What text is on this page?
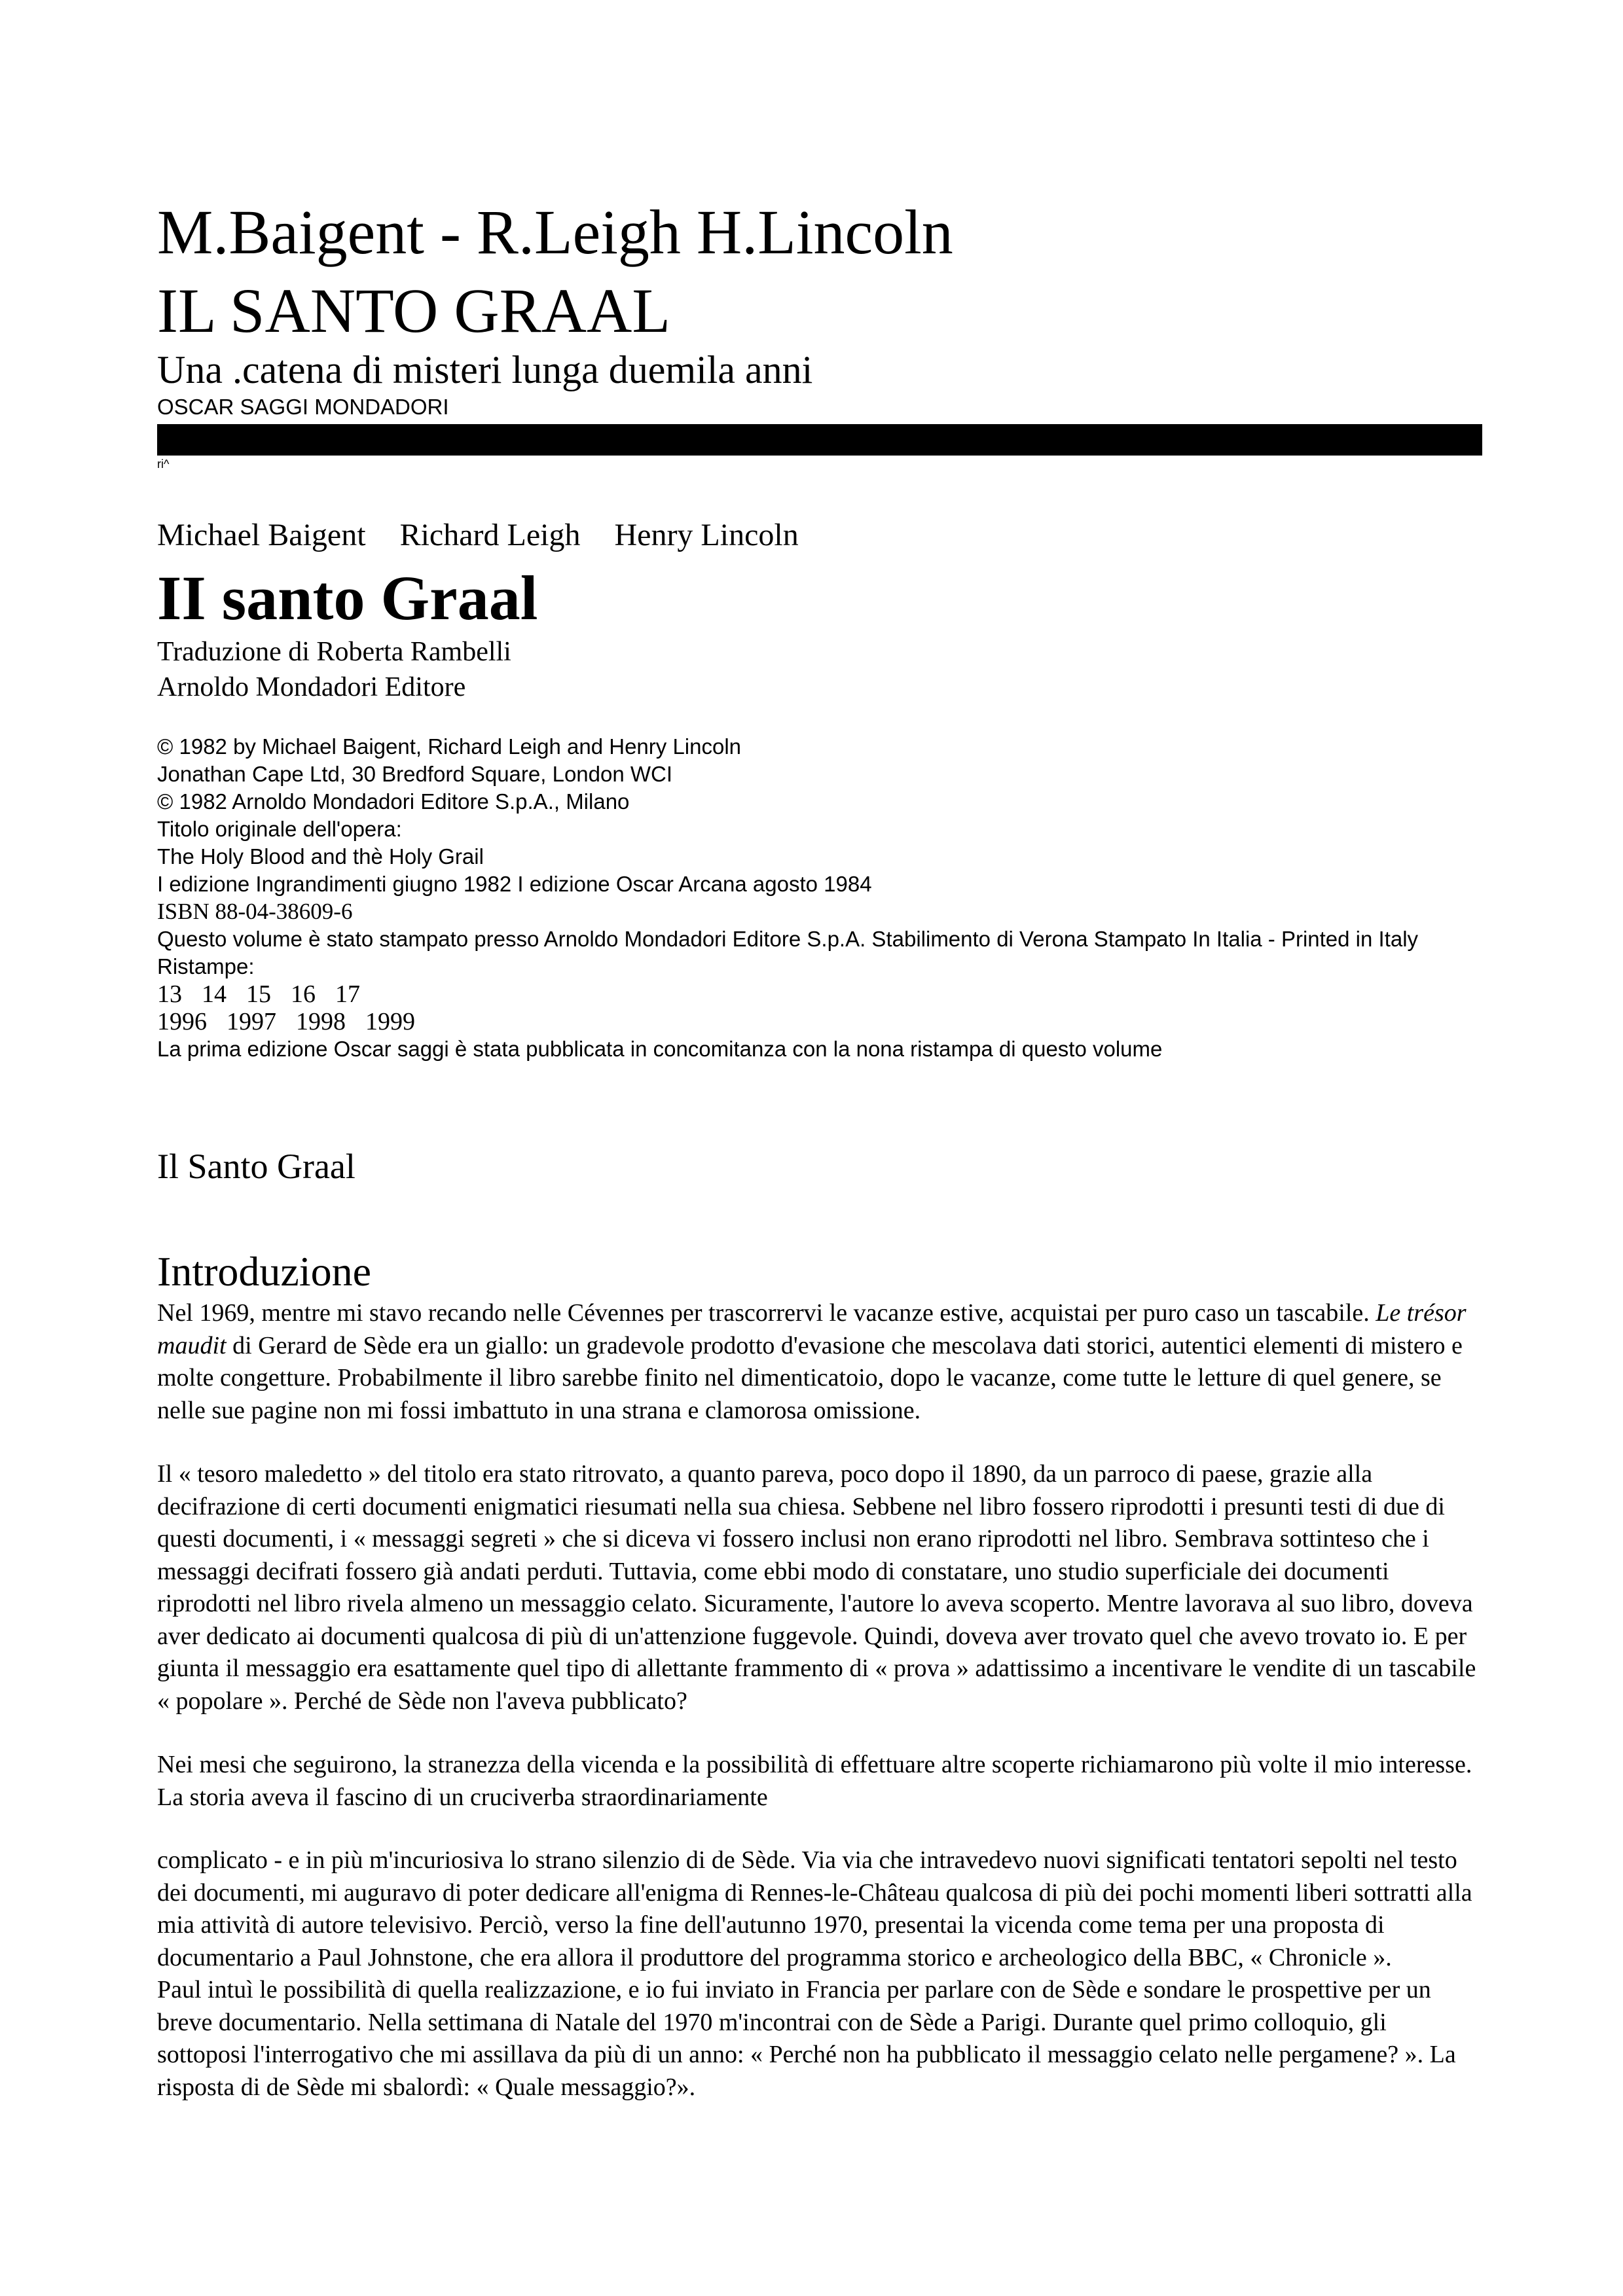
M.Baigent - R.Leigh H.Lincoln
IL SANTO GRAAL
Una .catena di misteri lunga duemila anni
OSCAR SAGGI MONDADORI
ri^
Michael Baigent Richard Leigh Henry Lincoln
II santo Graal
Traduzione di Roberta Rambelli
Arnoldo Mondadori Editore
© 1982 by Michael Baigent, Richard Leigh and Henry Lincoln
Jonathan Cape Ltd, 30 Bredford Square, London WCI
© 1982 Arnoldo Mondadori Editore S.p.A., Milano
Titolo originale dell'opera:
The Holy Blood and thè Holy Grail
I edizione Ingrandimenti giugno 1982 I edizione Oscar Arcana agosto 1984
ISBN 88-04-38609-6
Questo volume è stato stampato presso Arnoldo Mondadori Editore S.p.A. Stabilimento di Verona Stampato In Italia - Printed in Italy
Ristampe:
13 14 15 16 17
1996 1997 1998 1999
La prima edizione Oscar saggi è stata pubblicata in concomitanza con la nona ristampa di questo volume
Il Santo Graal
Introduzione
Nel 1969, mentre mi stavo recando nelle Cévennes per trascorrervi le vacanze estive, acquistai per puro caso un tascabile. Le trésor maudit di Gerard de Sède era un giallo: un gradevole prodotto d'evasione che mescolava dati storici, autentici elementi di mistero e molte congetture. Probabilmente il libro sarebbe finito nel dimenticatoio, dopo le vacanze, come tutte le letture di quel genere, se nelle sue pagine non mi fossi imbattuto in una strana e clamorosa omissione.
Il « tesoro maledetto » del titolo era stato ritrovato, a quanto pareva, poco dopo il 1890, da un parroco di paese, grazie alla decifrazione di certi documenti enigmatici riesumati nella sua chiesa. Sebbene nel libro fossero riprodotti i presunti testi di due di questi documenti, i « messaggi segreti » che si diceva vi fossero inclusi non erano riprodotti nel libro. Sembrava sottinteso che i messaggi decifrati fossero già andati perduti. Tuttavia, come ebbi modo di constatare, uno studio superficiale dei documenti riprodotti nel libro rivela almeno un messaggio celato. Sicuramente, l'autore lo aveva scoperto. Mentre lavorava al suo libro, doveva aver dedicato ai documenti qualcosa di più di un'attenzione fuggevole. Quindi, doveva aver trovato quel che avevo trovato io. E per giunta il messaggio era esattamente quel tipo di allettante frammento di « prova » adattissimo a incentivare le vendite di un tascabile « popolare ». Perché de Sède non l'aveva pubblicato?
Nei mesi che seguirono, la stranezza della vicenda e la possibilità di effettuare altre scoperte richiamarono più volte il mio interesse. La storia aveva il fascino di un cruciverba straordinariamente
complicato - e in più m'incuriosiva lo strano silenzio di de Sède. Via via che intravedevo nuovi significati tentatori sepolti nel testo dei documenti, mi auguravo di poter dedicare all'enigma di Rennes-le-Château qualcosa di più dei pochi momenti liberi sottratti alla mia attività di autore televisivo. Perciò, verso la fine dell'autunno 1970, presentai la vicenda come tema per una proposta di documentario a Paul Johnstone, che era allora il produttore del programma storico e archeologico della BBC, « Chronicle ».
Paul intuì le possibilità di quella realizzazione, e io fui inviato in Francia per parlare con de Sède e sondare le prospettive per un breve documentario. Nella settimana di Natale del 1970 m'incontrai con de Sède a Parigi. Durante quel primo colloquio, gli sottoposi l'interrogativo che mi assillava da più di un anno: « Perché non ha pubblicato il messaggio celato nelle pergamene? ». La risposta di de Sède mi sbalordì: « Quale messaggio?».
